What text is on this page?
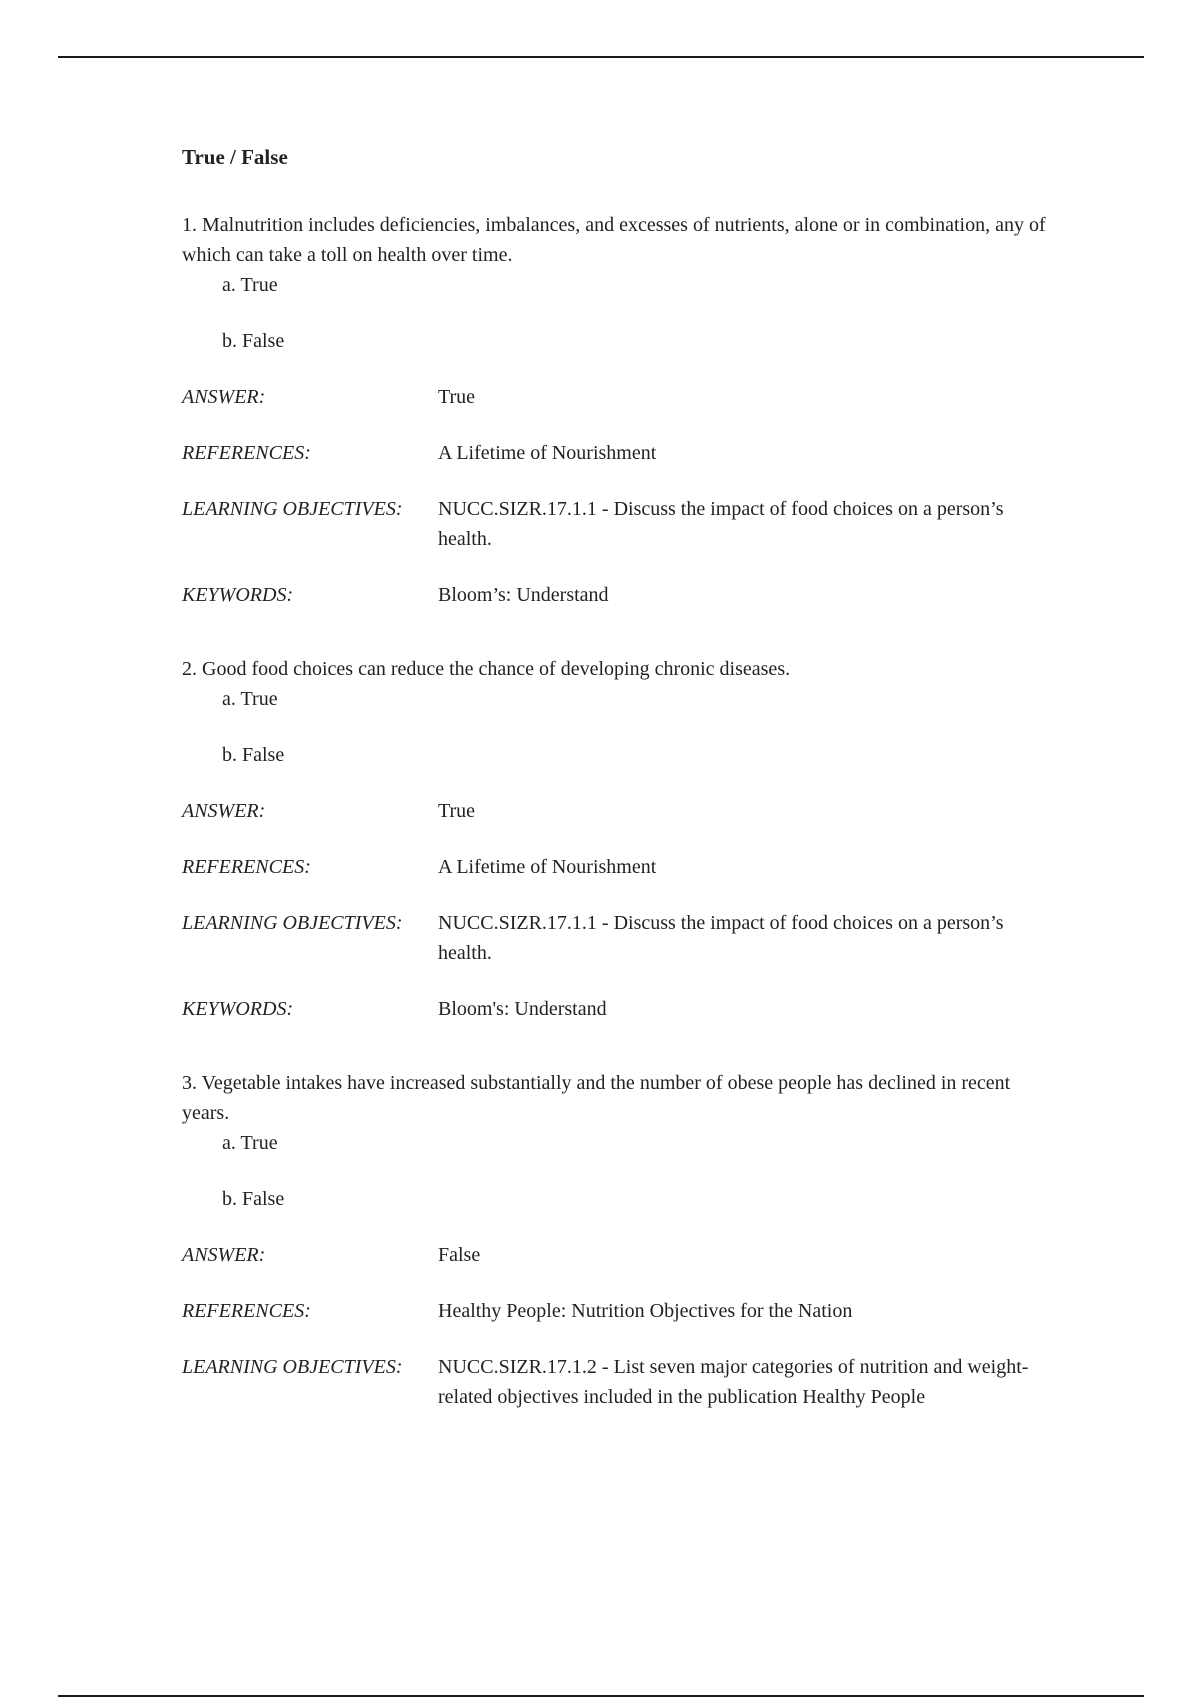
True / False

1. Malnutrition includes deficiencies, imbalances, and excesses of nutrients, alone or in combination, any of which can take a toll on health over time.

a. True
b. False
ANSWER:	True
REFERENCES:	A Lifetime of Nourishment
LEARNING OBJECTIVES:	NUCC.SIZR.17.1.1 - Discuss the impact of food choices on a person’s health.
KEYWORDS:	Bloom’s: Understand

2. Good food choices can reduce the chance of developing chronic diseases.

a. True
b. False
ANSWER:	True
REFERENCES:	A Lifetime of Nourishment
LEARNING OBJECTIVES:	NUCC.SIZR.17.1.1 - Discuss the impact of food choices on a person’s health.
KEYWORDS:	Bloom's: Understand

3. Vegetable intakes have increased substantially and the number of obese people has declined in recent years.

a. True
b. False
ANSWER:	False
REFERENCES:	Healthy People: Nutrition Objectives for the Nation
LEARNING OBJECTIVES:	NUCC.SIZR.17.1.2 - List seven major categories of nutrition and weight-related objectives included in the publication Healthy People
